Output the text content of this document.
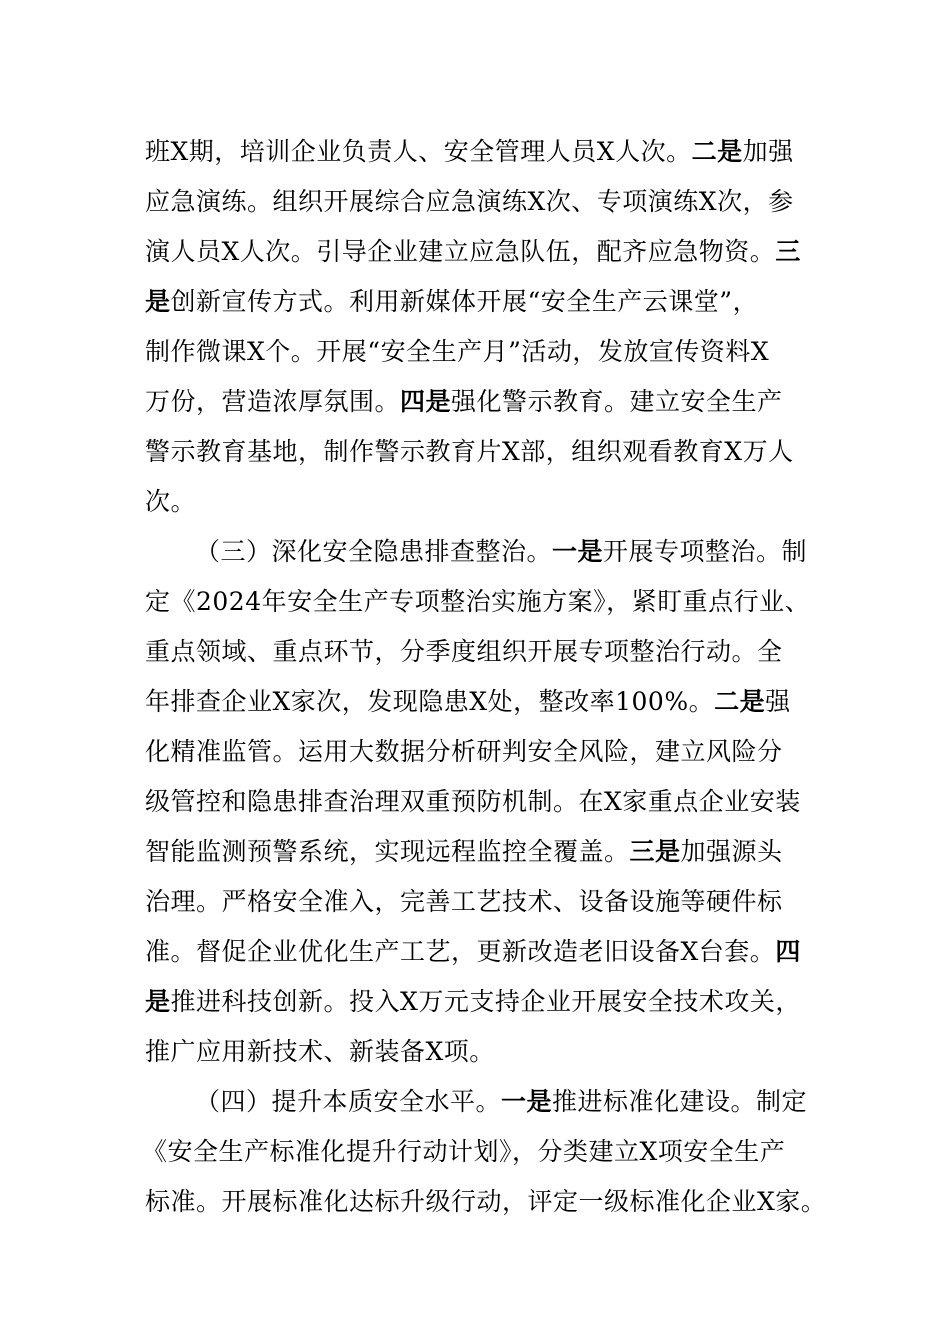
班X期，培训企业负责人、安全管理人员X人次。二是加强
应急演练。组织开展综合应急演练X次、专项演练X次，参
演人员X人次。引导企业建立应急队伍，配齐应急物资。三
是创新宣传方式。利用新媒体开展“安全生产云课堂”，
制作微课X个。开展“安全生产月”活动，发放宣传资料X
万份，营造浓厚氛围。四是强化警示教育。建立安全生产
警示教育基地，制作警示教育片X部，组织观看教育X万人
次。
（三）深化安全隐患排查整治。一是开展专项整治。制
定《2024年安全生产专项整治实施方案》，紧盯重点行业、
重点领域、重点环节，分季度组织开展专项整治行动。全
年排查企业X家次，发现隐患X处，整改率100%。二是强
化精准监管。运用大数据分析研判安全风险，建立风险分
级管控和隐患排查治理双重预防机制。在X家重点企业安装
智能监测预警系统，实现远程监控全覆盖。三是加强源头
治理。严格安全准入，完善工艺技术、设备设施等硬件标
准。督促企业优化生产工艺，更新改造老旧设备X台套。四
是推进科技创新。投入X万元支持企业开展安全技术攻关，
推广应用新技术、新装备X项。
（四）提升本质安全水平。一是推进标准化建设。制定
《安全生产标准化提升行动计划》，分类建立X项安全生产
标准。开展标准化达标升级行动，评定一级标准化企业X家。
